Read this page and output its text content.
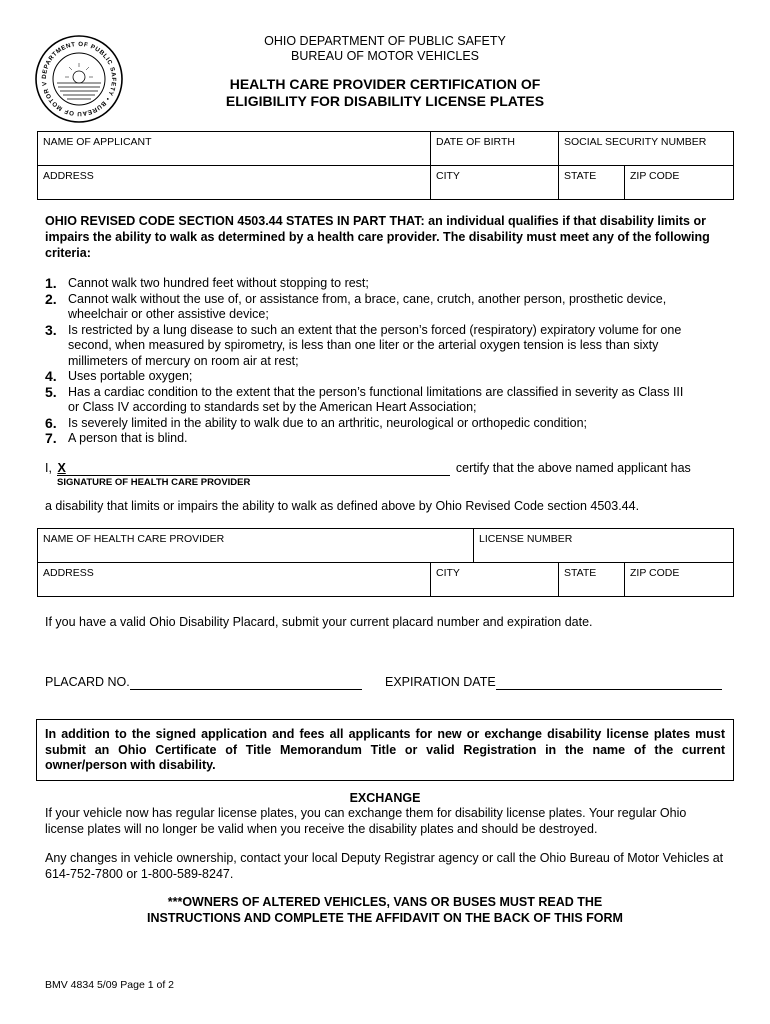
DEPARTMENT OF PUBLIC SAFETY • BUREAU OF MOTOR V
OHIO DEPARTMENT OF PUBLIC SAFETY
BUREAU OF MOTOR VEHICLES
HEALTH CARE PROVIDER CERTIFICATION OF
ELIGIBILITY FOR DISABILITY LICENSE PLATES
NAME OF APPLICANT	DATE OF BIRTH	SOCIAL SECURITY NUMBER	
ADDRESS	CITY	STATE	ZIP CODE
OHIO REVISED CODE SECTION 4503.44 STATES IN PART THAT: an individual qualifies if that disability limits or impairs the ability to walk as determined by a health care provider. The disability must meet any of the following criteria:
1. Cannot walk two hundred feet without stopping to rest;
2. Cannot walk without the use of, or assistance from, a brace, cane, crutch, another person, prosthetic device, wheelchair or other assistive device;
3. Is restricted by a lung disease to such an extent that the person’s forced (respiratory) expiratory volume for one second, when measured by spirometry, is less than one liter or the arterial oxygen tension is less than sixty millimeters of mercury on room air at rest;
4. Uses portable oxygen;
5. Has a cardiac condition to the extent that the person’s functional limitations are classified in severity as Class III or Class IV according to standards set by the American Heart Association;
6. Is severely limited in the ability to walk due to an arthritic, neurological or orthopedic condition;
7. A person that is blind.
I, X	certify that the above named applicant has
SIGNATURE OF HEALTH CARE PROVIDER
a disability that limits or impairs the ability to walk as defined above by Ohio Revised Code section 4503.44.
NAME OF HEALTH CARE PROVIDER		LICENSE NUMBER		
ADDRESS	CITY		STATE	ZIP CODE
If you have a valid Ohio Disability Placard, submit your current placard number and expiration date.
PLACARD NO.	EXPIRATION DATE
In addition to the signed application and fees all applicants for new or exchange disability license plates must submit an Ohio Certificate of Title Memorandum Title or valid Registration in the name of the current owner/person with disability.
EXCHANGE
If your vehicle now has regular license plates, you can exchange them for disability license plates. Your regular Ohio license plates will no longer be valid when you receive the disability plates and should be destroyed.
Any changes in vehicle ownership, contact your local Deputy Registrar agency or call the Ohio Bureau of Motor Vehicles at 614-752-7800 or 1-800-589-8247.
***OWNERS OF ALTERED VEHICLES, VANS OR BUSES MUST READ THE
INSTRUCTIONS AND COMPLETE THE AFFIDAVIT ON THE BACK OF THIS FORM
BMV 4834 5/09 Page 1 of 2
